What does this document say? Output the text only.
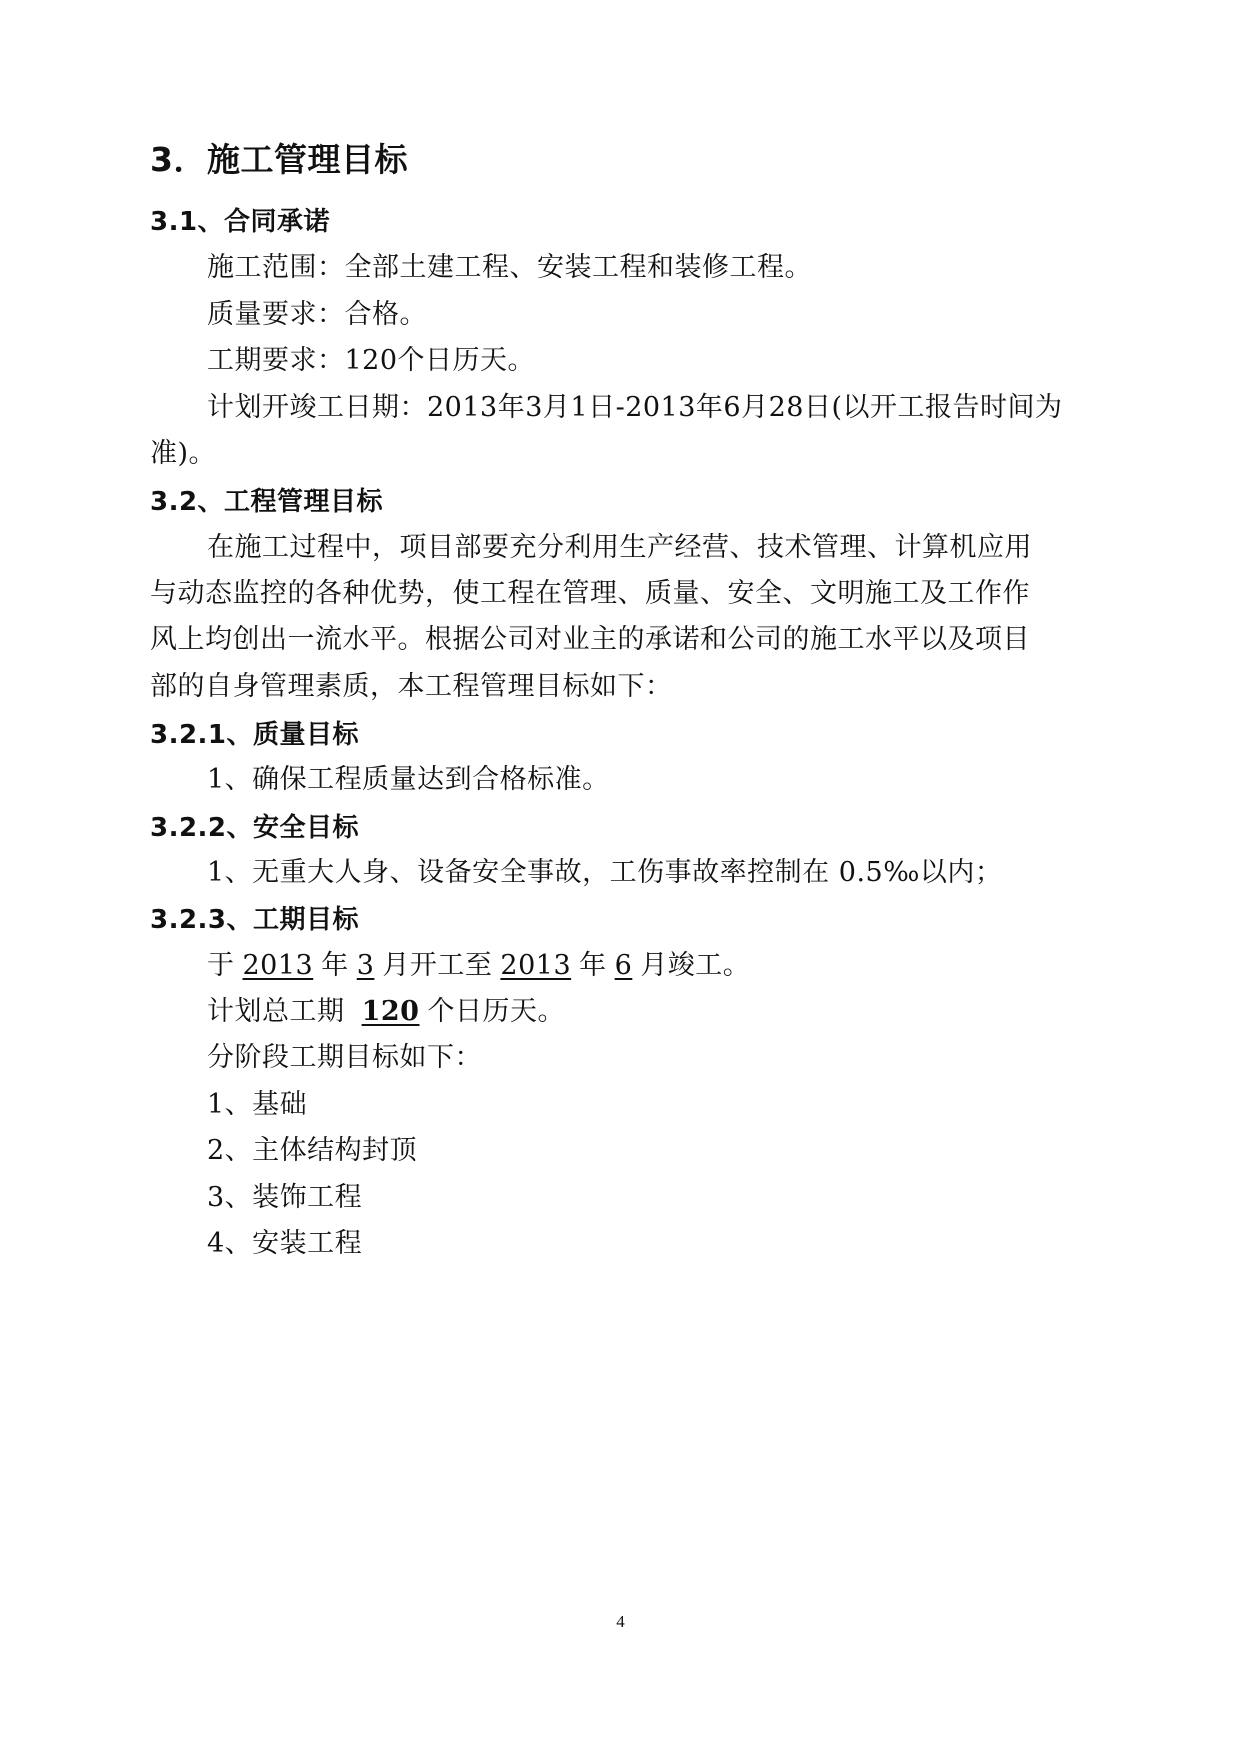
3．施工管理目标
3.1、合同承诺
施工范围：全部土建工程、安装工程和装修工程。
质量要求：合格。
工期要求：120个日历天。
计划开竣工日期：2013年3月1日-2013年6月28日(以开工报告时间为
准)。
3.2、工程管理目标
在施工过程中，项目部要充分利用生产经营、技术管理、计算机应用
与动态监控的各种优势，使工程在管理、质量、安全、文明施工及工作作
风上均创出一流水平。根据公司对业主的承诺和公司的施工水平以及项目
部的自身管理素质，本工程管理目标如下：
3.2.1、质量目标
1、确保工程质量达到合格标准。
3.2.2、安全目标
1、无重大人身、设备安全事故，工伤事故率控制在 0.5‰以内；
3.2.3、工期目标
于 2013 年 3 月开工至 2013 年 6 月竣工。
计划总工期 120 个日历天。
分阶段工期目标如下：
1、基础
2、主体结构封顶
3、装饰工程
4、安装工程
4
